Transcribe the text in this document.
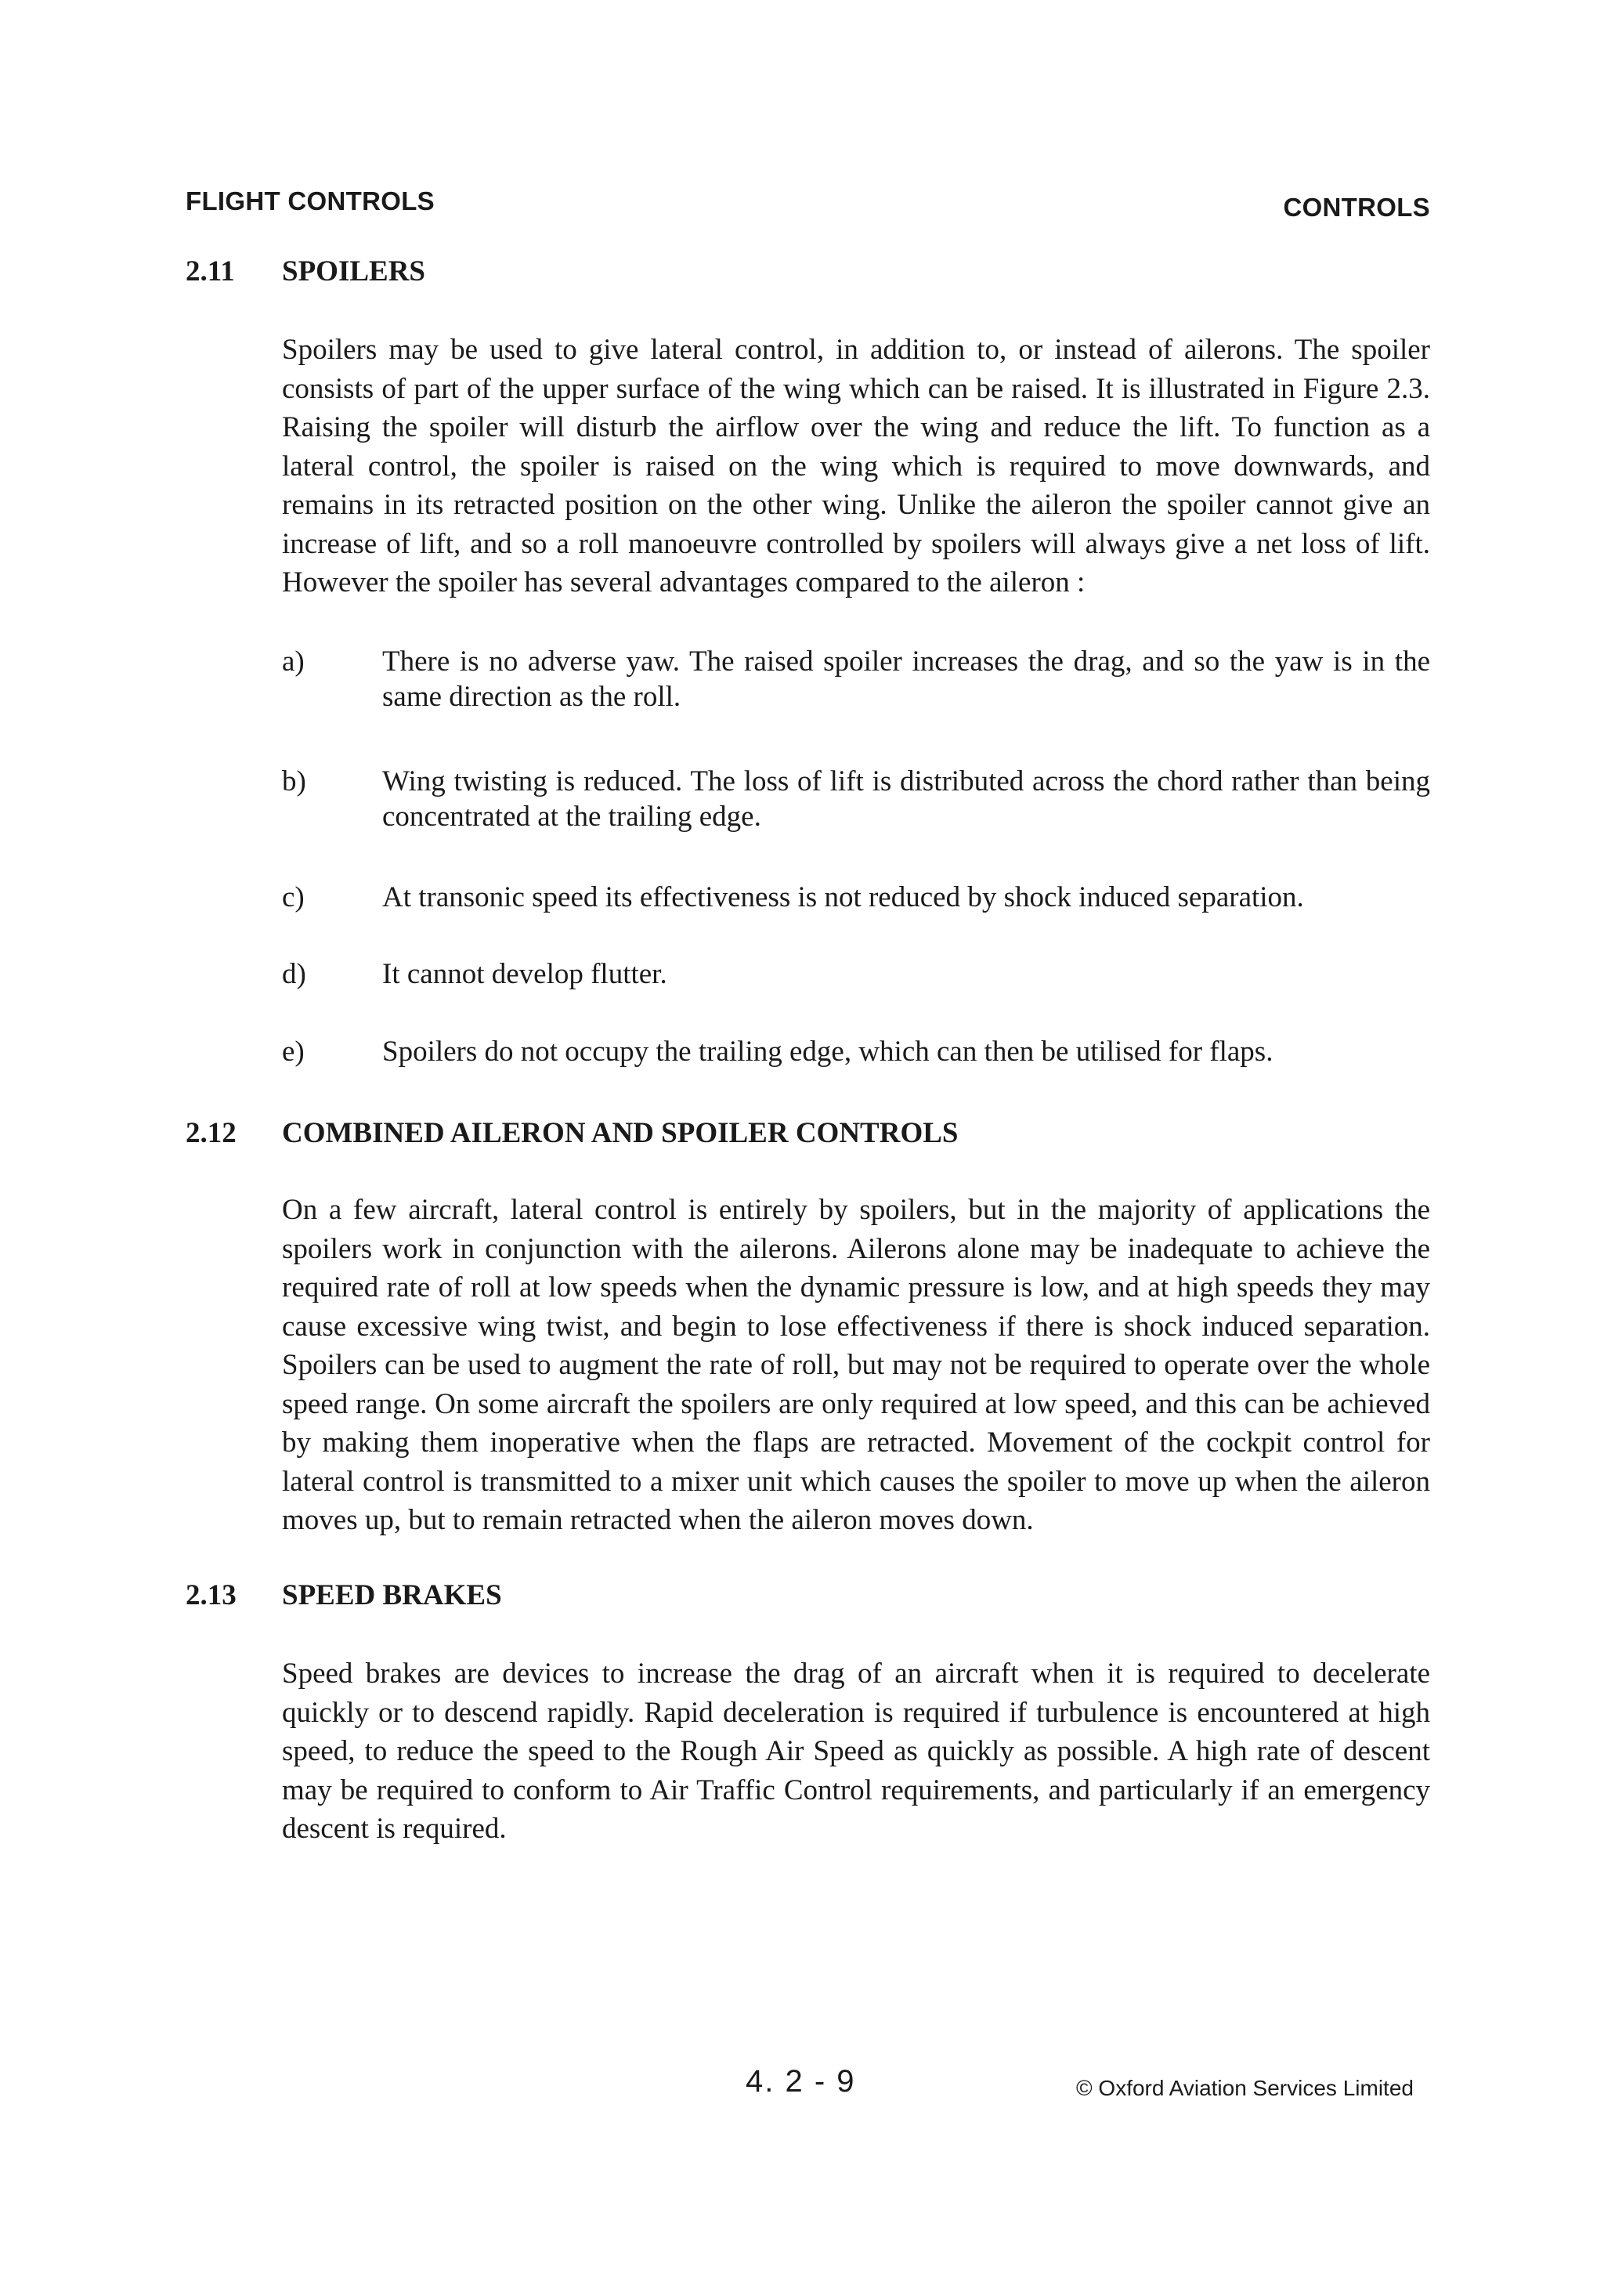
FLIGHT CONTROLS	CONTROLS
2.11 SPOILERS

Spoilers may be used to give lateral control, in addition to, or instead of ailerons. The spoiler consists of part of the upper surface of the wing which can be raised. It is illustrated in Figure 2.3. Raising the spoiler will disturb the airflow over the wing and reduce the lift. To function as a lateral control, the spoiler is raised on the wing which is required to move downwards, and remains in its retracted position on the other wing. Unlike the aileron the spoiler cannot give an increase of lift, and so a roll manoeuvre controlled by spoilers will always give a net loss of lift. However the spoiler has several advantages compared to the aileron :

a)	There is no adverse yaw. The raised spoiler increases the drag, and so the yaw is in the same direction as the roll.
b)	Wing twisting is reduced. The loss of lift is distributed across the chord rather than being concentrated at the trailing edge.
c)	At transonic speed its effectiveness is not reduced by shock induced separation.
d)	It cannot develop flutter.
e)	Spoilers do not occupy the trailing edge, which can then be utilised for flaps.
2.12 COMBINED AILERON AND SPOILER CONTROLS

On a few aircraft, lateral control is entirely by spoilers, but in the majority of applications the spoilers work in conjunction with the ailerons. Ailerons alone may be inadequate to achieve the required rate of roll at low speeds when the dynamic pressure is low, and at high speeds they may cause excessive wing twist, and begin to lose effectiveness if there is shock induced separation. Spoilers can be used to augment the rate of roll, but may not be required to operate over the whole speed range. On some aircraft the spoilers are only required at low speed, and this can be achieved by making them inoperative when the flaps are retracted. Movement of the cockpit control for lateral control is transmitted to a mixer unit which causes the spoiler to move up when the aileron moves up, but to remain retracted when the aileron moves down.

2.13 SPEED BRAKES

Speed brakes are devices to increase the drag of an aircraft when it is required to decelerate quickly or to descend rapidly. Rapid deceleration is required if turbulence is encountered at high speed, to reduce the speed to the Rough Air Speed as quickly as possible. A high rate of descent may be required to conform to Air Traffic Control requirements, and particularly if an emergency descent is required.

4. 2 - 9	© Oxford Aviation Services Limited
